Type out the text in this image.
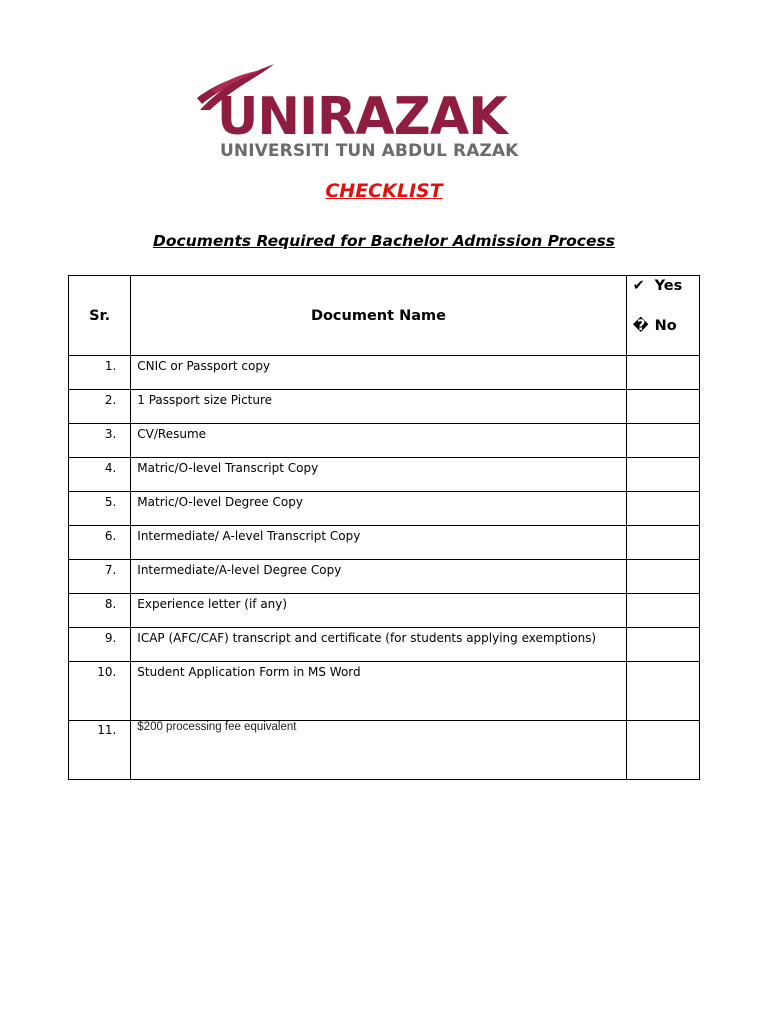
UNIRAZAK
UNIVERSITI TUN ABDUL RAZAK
CHECKLIST
Documents Required for Bachelor Admission Process
Sr.	Document Name	✔ Yes
� No

1.	CNIC or Passport copy	

2.	1 Passport size Picture	

3.	CV/Resume	

4.	Matric/O-level Transcript Copy	

5.	Matric/O-level Degree Copy	

6.	Intermediate/ A-level Transcript Copy	

7.	Intermediate/A-level Degree Copy	

8.	Experience letter (if any)	

9.	ICAP (AFC/CAF) transcript and certificate (for students applying exemptions)	

10.	Student Application Form in MS Word	

11.	$200 processing fee equivalent	
